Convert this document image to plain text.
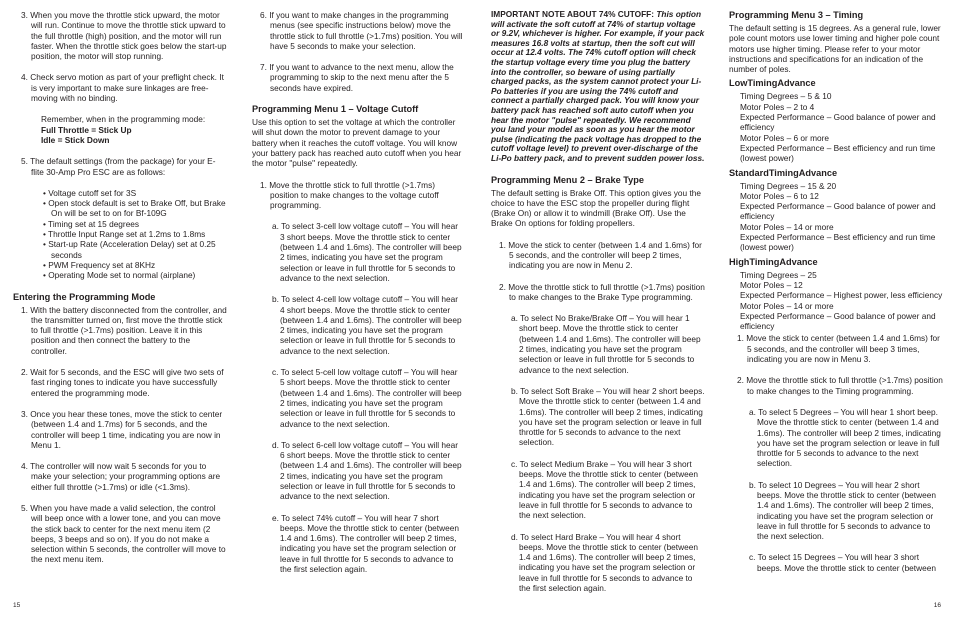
3. When you move the throttle stick upward, the motor will run. Continue to move the throttle stick upward to the full throttle (high) position, and the motor will run faster. When the throttle stick goes below the start-up position, the motor will stop running.

4. Check servo motion as part of your preflight check. It is very important to make sure linkages are free-moving with no binding.

Remember, when in the programming mode:
Full Throttle = Stick Up
Idle = Stick Down

5. The default settings (from the package) for your E-flite 30-Amp Pro ESC are as follows:

• Voltage cutoff set for 3S
• Open stock default is set to Brake Off, but Brake On will be set to on for Bf-109G
• Timing set at 15 degrees
• Throttle Input Range set at 1.2ms to 1.8ms
• Start-up Rate (Acceleration Delay) set at 0.25 seconds
• PWM Frequency set at 8KHz
• Operating Mode set to normal (airplane)
Entering the Programming Mode

1. With the battery disconnected from the controller, and the transmitter turned on, first move the throttle stick to full throttle (>1.7ms) position. Leave it in this position and then connect the battery to the controller.

2. Wait for 5 seconds, and the ESC will give two sets of fast ringing tones to indicate you have successfully entered the programming mode.

3. Once you hear these tones, move the stick to center (between 1.4 and 1.7ms) for 5 seconds, and the controller will beep 1 time, indicating you are now in Menu 1.

4. The controller will now wait 5 seconds for you to make your selection; your programming options are either full throttle (>1.7ms) or idle (<1.3ms).

5. When you have made a valid selection, the control will beep once with a lower tone, and you can move the stick back to center for the next menu item (2 beeps, 3 beeps and so on). If you do not make a selection within 5 seconds, the controller will move to the next menu item.

6. If you want to make changes in the programming menus (see specific instructions below) move the throttle stick to full throttle (>1.7ms) position. You will have 5 seconds to make your selection.

7. If you want to advance to the next menu, allow the programming to skip to the next menu after the 5 seconds have expired.

Programming Menu 1 – Voltage Cutoff

Use this option to set the voltage at which the controller will shut down the motor to prevent damage to your battery when it reaches the cutoff voltage. You will know your battery pack has reached auto cutoff when you hear the motor "pulse" repeatedly.

1. Move the throttle stick to full throttle (>1.7ms) position to make changes to the voltage cutoff programming.

a. To select 3-cell low voltage cutoff – You will hear 3 short beeps. Move the throttle stick to center (between 1.4 and 1.6ms). The controller will beep 2 times, indicating you have set the program selection or leave in full throttle for 5 seconds to advance to the next selection.

b. To select 4-cell low voltage cutoff – You will hear 4 short beeps. Move the throttle stick to center (between 1.4 and 1.6ms). The controller will beep 2 times, indicating you have set the program selection or leave in full throttle for 5 seconds to advance to the next selection.

c. To select 5-cell low voltage cutoff – You will hear 5 short beeps. Move the throttle stick to center (between 1.4 and 1.6ms). The controller will beep 2 times, indicating you have set the program selection or leave in full throttle for 5 seconds to advance to the next selection.

d. To select 6-cell low voltage cutoff – You will hear 6 short beeps. Move the throttle stick to center (between 1.4 and 1.6ms). The controller will beep 2 times, indicating you have set the program selection or leave in full throttle for 5 seconds to advance to the next selection.

e. To select 74% cutoff – You will hear 7 short beeps. Move the throttle stick to center (between 1.4 and 1.6ms). The controller will beep 2 times, indicating you have set the program selection or leave in full throttle for 5 seconds to advance to the first selection again.

IMPORTANT NOTE ABOUT 74% CUTOFF: This option will activate the soft cutoff at 74% of startup voltage or 9.2V, whichever is higher. For example, if your pack measures 16.8 volts at startup, then the soft cut will occur at 12.4 volts. The 74% cutoff option will check the startup voltage every time you plug the battery into the controller, so beware of using partially charged packs, as the system cannot protect your Li-Po batteries if you are using the 74% cutoff and connect a partially charged pack. You will know your battery pack has reached soft auto cutoff when you hear the motor "pulse" repeatedly. We recommend you land your model as soon as you hear the motor pulse (indicating the pack voltage has dropped to the cutoff voltage level) to prevent over-discharge of the Li-Po battery pack, and to prevent sudden power loss.

Programming Menu 2 – Brake Type

The default setting is Brake Off. This option gives you the choice to have the ESC stop the propeller during flight (Brake On) or allow it to windmill (Brake Off). Use the Brake On options for folding propellers.

1. Move the stick to center (between 1.4 and 1.6ms) for 5 seconds, and the controller will beep 2 times, indicating you are now in Menu 2.

2. Move the throttle stick to full throttle (>1.7ms) position to make changes to the Brake Type programming.

a. To select No Brake/Brake Off – You will hear 1 short beep. Move the throttle stick to center (between 1.4 and 1.6ms). The controller will beep 2 times, indicating you have set the program selection or leave in full throttle for 5 seconds to advance to the next selection.

b. To select Soft Brake – You will hear 2 short beeps. Move the throttle stick to center (between 1.4 and 1.6ms). The controller will beep 2 times, indicating you have set the program selection or leave in full throttle for 5 seconds to advance to the next selection.

c. To select Medium Brake – You will hear 3 short beeps. Move the throttle stick to center (between 1.4 and 1.6ms). The controller will beep 2 times, indicating you have set the program selection or leave in full throttle for 5 seconds to advance to the next selection.

d. To select Hard Brake – You will hear 4 short beeps. Move the throttle stick to center (between 1.4 and 1.6ms). The controller will beep 2 times, indicating you have set the program selection or leave in full throttle for 5 seconds to advance to the first selection again.

Programming Menu 3 – Timing

The default setting is 15 degrees. As a general rule, lower pole count motors use lower timing and higher pole count motors use higher timing. Please refer to your motor instructions and specifications for an indication of the number of poles.

LowTimingAdvance
Timing Degrees – 5 & 10
Motor Poles – 2 to 4
Expected Performance – Good balance of power and efficiency
Motor Poles – 6 or more
Expected Performance – Best efficiency and run time (lowest power)
StandardTimingAdvance
Timing Degrees – 15 & 20
Motor Poles – 6 to 12
Expected Performance – Good balance of power and efficiency
Motor Poles – 14 or more
Expected Performance – Best efficiency and run time (lowest power)
HighTimingAdvance
Timing Degrees – 25
Motor Poles – 12
Expected Performance – Highest power, less efficiency
Motor Poles – 14 or more
Expected Performance – Good balance of power and efficiency

1. Move the stick to center (between 1.4 and 1.6ms) for 5 seconds, and the controller will beep 3 times, indicating you are now in Menu 3.

2. Move the throttle stick to full throttle (>1.7ms) position to make changes to the Timing programming.

a. To select 5 Degrees – You will hear 1 short beep. Move the throttle stick to center (between 1.4 and 1.6ms). The controller will beep 2 times, indicating you have set the program selection or leave in full throttle for 5 seconds to advance to the next selection.

b. To select 10 Degrees – You will hear 2 short beeps. Move the throttle stick to center (between 1.4 and 1.6ms). The controller will beep 2 times, indicating you have set the program selection or leave in full throttle for 5 seconds to advance to the next selection.

c. To select 15 Degrees – You will hear 3 short beeps. Move the throttle stick to center (between

15	16
